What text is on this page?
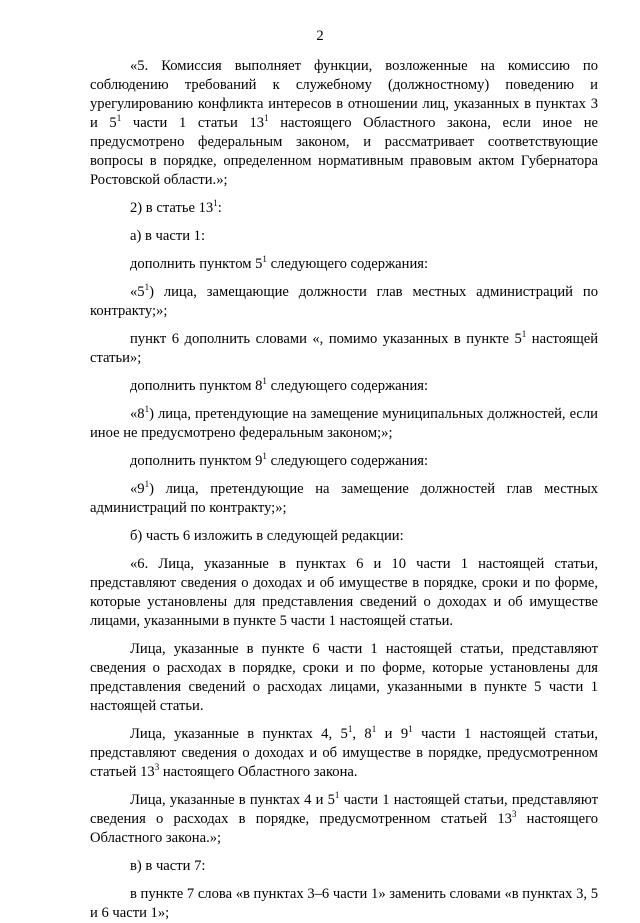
2

«5. Комиссия выполняет функции, возложенные на комиссию по соблюдению требований к служебному (должностному) поведению и урегулированию конфликта интересов в отношении лиц, указанных в пунктах 3 и $5^1$ части 1 статьи $13^1$ настоящего Областного закона, если иное не предусмотрено федеральным законом, и рассматривает соответствующие вопросы в порядке, определенном нормативным правовым актом Губернатора Ростовской области.»;

2) в статье $13^1$:

а) в части 1:

дополнить пунктом $5^1$ следующего содержания:

«$5^1$) лица, замещающие должности глав местных администраций по контракту;»;

пункт 6 дополнить словами «, помимо указанных в пункте $5^1$ настоящей статьи»;

дополнить пунктом $8^1$ следующего содержания:

«$8^1$) лица, претендующие на замещение муниципальных должностей, если иное не предусмотрено федеральным законом;»;

дополнить пунктом $9^1$ следующего содержания:

«$9^1$) лица, претендующие на замещение должностей глав местных администраций по контракту;»;

б) часть 6 изложить в следующей редакции:

«6. Лица, указанные в пунктах 6 и 10 части 1 настоящей статьи, представляют сведения о доходах и об имуществе в порядке, сроки и по форме, которые установлены для представления сведений о доходах и об имуществе лицами, указанными в пункте 5 части 1 настоящей статьи.

Лица, указанные в пункте 6 части 1 настоящей статьи, представляют сведения о расходах в порядке, сроки и по форме, которые установлены для представления сведений о расходах лицами, указанными в пункте 5 части 1 настоящей статьи.

Лица, указанные в пунктах 4, $5^1$, $8^1$ и $9^1$ части 1 настоящей статьи, представляют сведения о доходах и об имуществе в порядке, предусмотренном статьей $13^3$ настоящего Областного закона.

Лица, указанные в пунктах 4 и $5^1$ части 1 настоящей статьи, представляют сведения о расходах в порядке, предусмотренном статьей $13^3$ настоящего Областного закона.»;

в) в части 7:

в пункте 7 слова «в пунктах 3–6 части 1» заменить словами «в пунктах 3, 5 и 6 части 1»;
